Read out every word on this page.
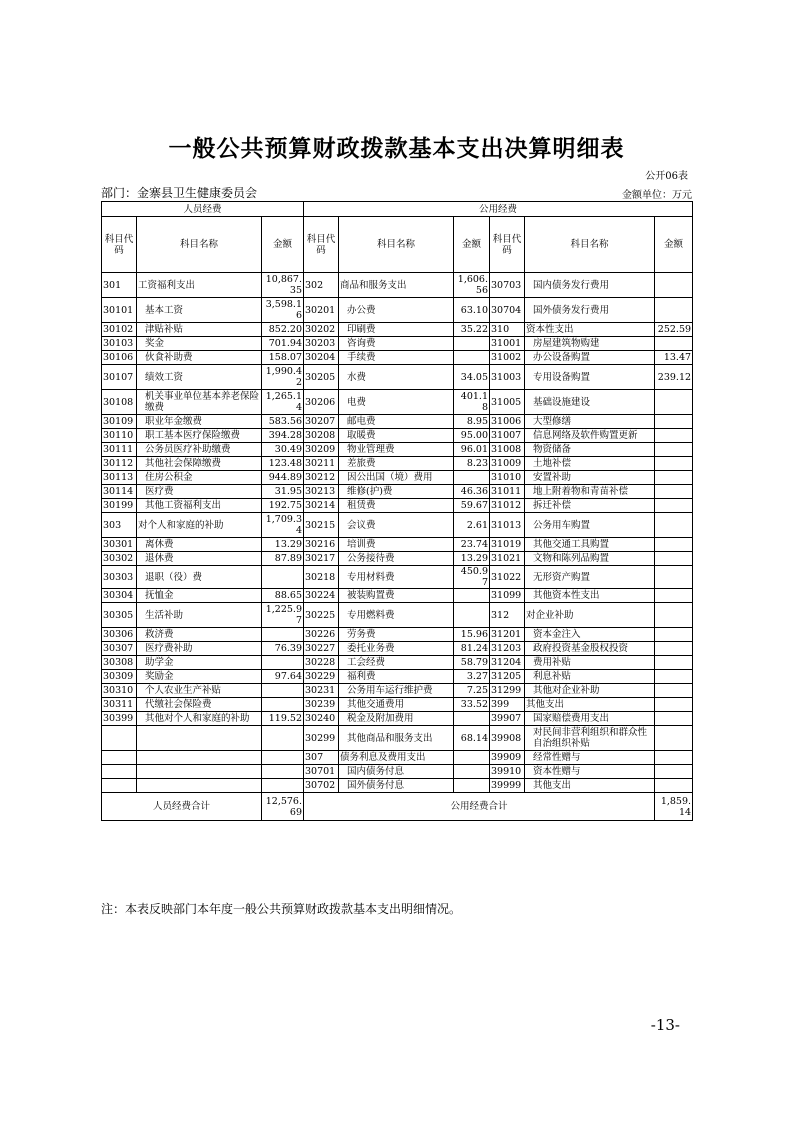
一般公共预算财政拨款基本支出决算明细表
公开06表
部门：金寨县卫生健康委员会	金额单位：万元
人员经费			公用经费					
科目代码	科目名称	金额	科目代码	科目名称	金额	科目代码	科目名称	金额
301	工资福利支出	10,867.35	302	商品和服务支出	1,606.56	30703	国内债务发行费用	
30101	基本工资	3,598.16	30201	办公费	63.10	30704	国外债务发行费用	
30102	津贴补贴	852.20	30202	印刷费	35.22	310	资本性支出	252.59
30103	奖金	701.94	30203	咨询费		31001	房屋建筑物购建	
30106	伙食补助费	158.07	30204	手续费		31002	办公设备购置	13.47
30107	绩效工资	1,990.42	30205	水费	34.05	31003	专用设备购置	239.12
30108	机关事业单位基本养老保险缴费	1,265.14	30206	电费	401.18	31005	基础设施建设	
30109	职业年金缴费	583.56	30207	邮电费	8.95	31006	大型修缮	
30110	职工基本医疗保险缴费	394.28	30208	取暖费	95.00	31007	信息网络及软件购置更新	
30111	公务员医疗补助缴费	30.49	30209	物业管理费	96.01	31008	物资储备	
30112	其他社会保障缴费	123.48	30211	差旅费	8.23	31009	土地补偿	
30113	住房公积金	944.89	30212	因公出国（境）费用		31010	安置补助	
30114	医疗费	31.95	30213	维修(护)费	46.36	31011	地上附着物和青苗补偿	
30199	其他工资福利支出	192.75	30214	租赁费	59.67	31012	拆迁补偿	
303	对个人和家庭的补助	1,709.34	30215	会议费	2.61	31013	公务用车购置	
30301	离休费	13.29	30216	培训费	23.74	31019	其他交通工具购置	
30302	退休费	87.89	30217	公务接待费	13.29	31021	文物和陈列品购置	
30303	退职（役）费		30218	专用材料费	450.97	31022	无形资产购置	
30304	抚恤金	88.65	30224	被装购置费		31099	其他资本性支出	
30305	生活补助	1,225.97	30225	专用燃料费		312	对企业补助	
30306	救济费		30226	劳务费	15.96	31201	资本金注入	
30307	医疗费补助	76.39	30227	委托业务费	81.24	31203	政府投资基金股权投资	
30308	助学金		30228	工会经费	58.79	31204	费用补贴	
30309	奖励金	97.64	30229	福利费	3.27	31205	利息补贴	
30310	个人农业生产补贴		30231	公务用车运行维护费	7.25	31299	其他对企业补助	
30311	代缴社会保险费		30239	其他交通费用	33.52	399	其他支出	
30399	其他对个人和家庭的补助	119.52	30240	税金及附加费用		39907	国家赔偿费用支出	
			30299	其他商品和服务支出	68.14	39908	对民间非营利组织和群众性自治组织补贴	
			307	债务利息及费用支出		39909	经常性赠与	
			30701	国内债务付息		39910	资本性赠与	
			30702	国外债务付息		39999	其他支出	
人员经费合计		12,576.69	公用经费合计					1,859.14
注：本表反映部门本年度一般公共预算财政拨款基本支出明细情况。
-13-
